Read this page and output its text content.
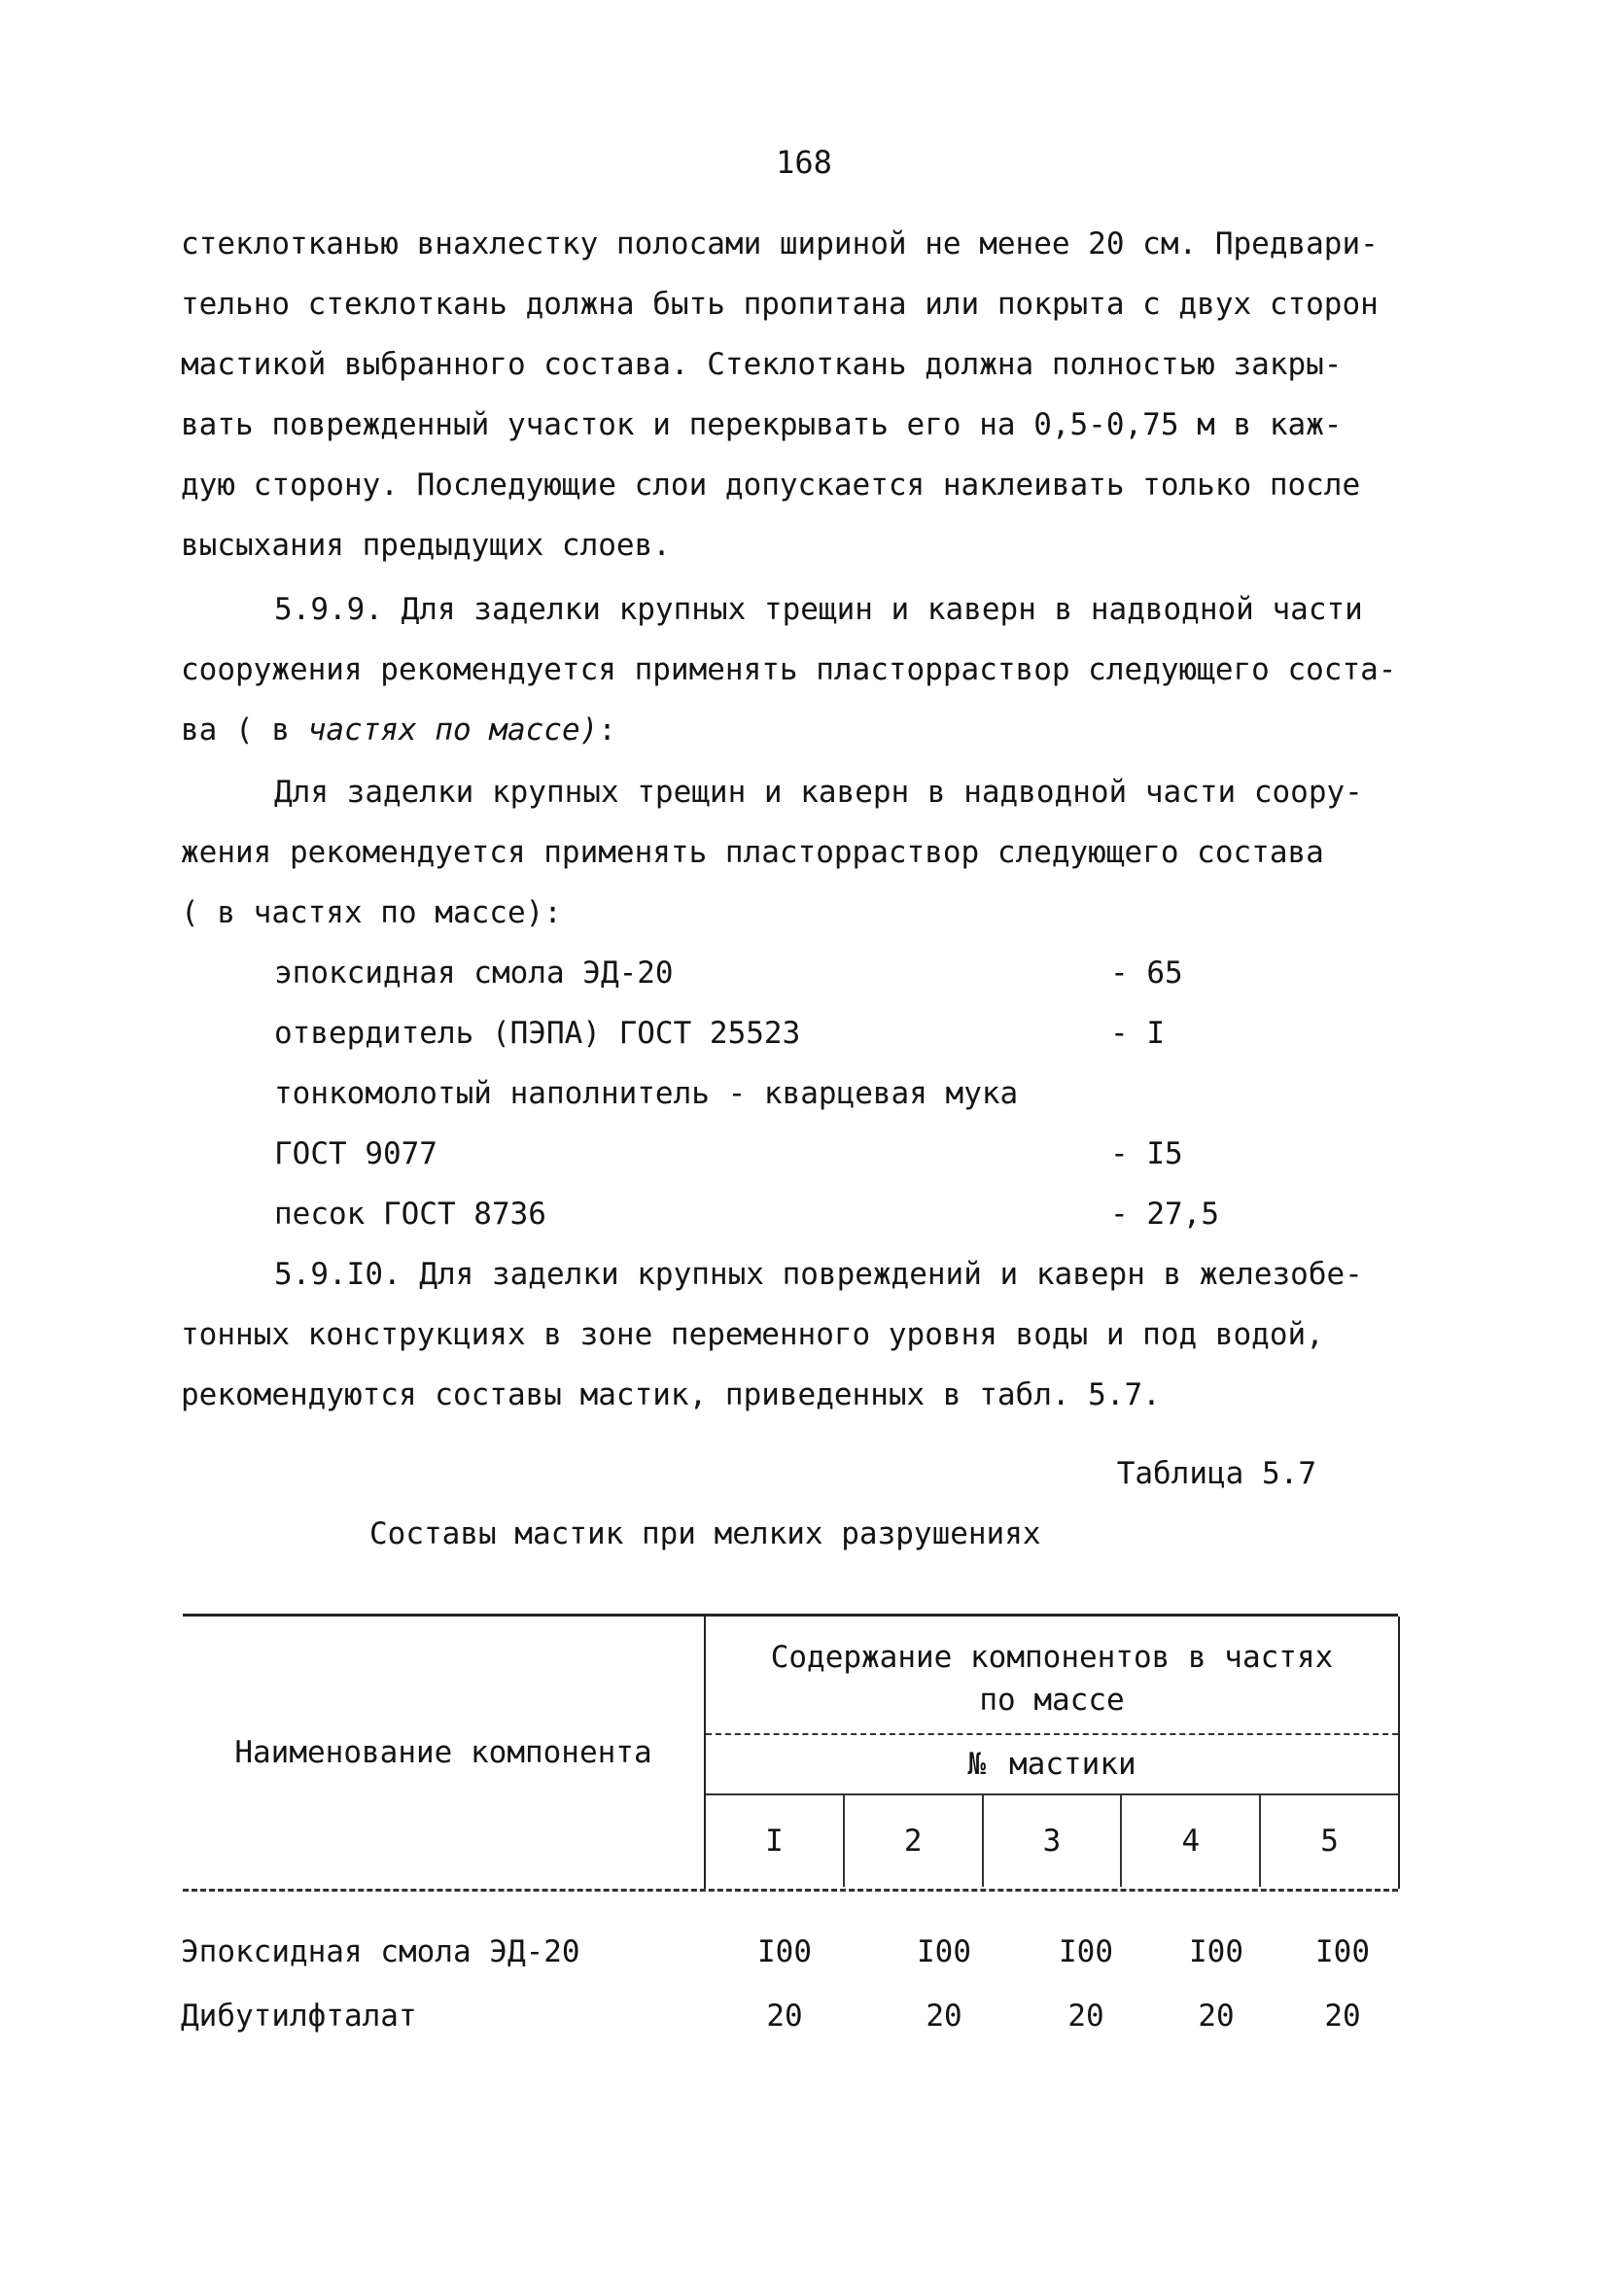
168
стеклотканью внахлестку полосами шириной не менее 20 см. Предвари-
тельно стеклоткань должна быть пропитана или покрыта с двух сторон
мастикой выбранного состава. Стеклоткань должна полностью закры-
вать поврежденный участок и перекрывать его на 0,5-0,75 м в каж-
дую сторону. Последующие слои допускается наклеивать только после
высыхания предыдущих слоев.
5.9.9. Для заделки крупных трещин и каверн в надводной части
сооружения рекомендуется применять пласторраствор следующего соста-
ва ( в частях по массе):
Для заделки крупных трещин и каверн в надводной части соору-
жения рекомендуется применять пласторраствор следующего состава
( в частях по массе):
эпоксидная смола ЭД-20	- 65
отвердитель (ПЭПА) ГОСТ 25523	- I
тонкомолотый наполнитель - кварцевая мука
ГОСТ 9077	- I5
песок ГОСТ 8736	- 27,5
5.9.I0. Для заделки крупных повреждений и каверн в железобе-
тонных конструкциях в зоне переменного уровня воды и под водой,
рекомендуются составы мастик, приведенных в табл. 5.7.
Таблица 5.7
Составы мастик при мелких разрушениях
Наименование компонента
Содержание компонентов в частях
по массе
№ мастики
I	2	3	4	5
Эпоксидная смола ЭД-20	I00	I00	I00	I00	I00
Дибутилфталат	20	20	20	20	20
